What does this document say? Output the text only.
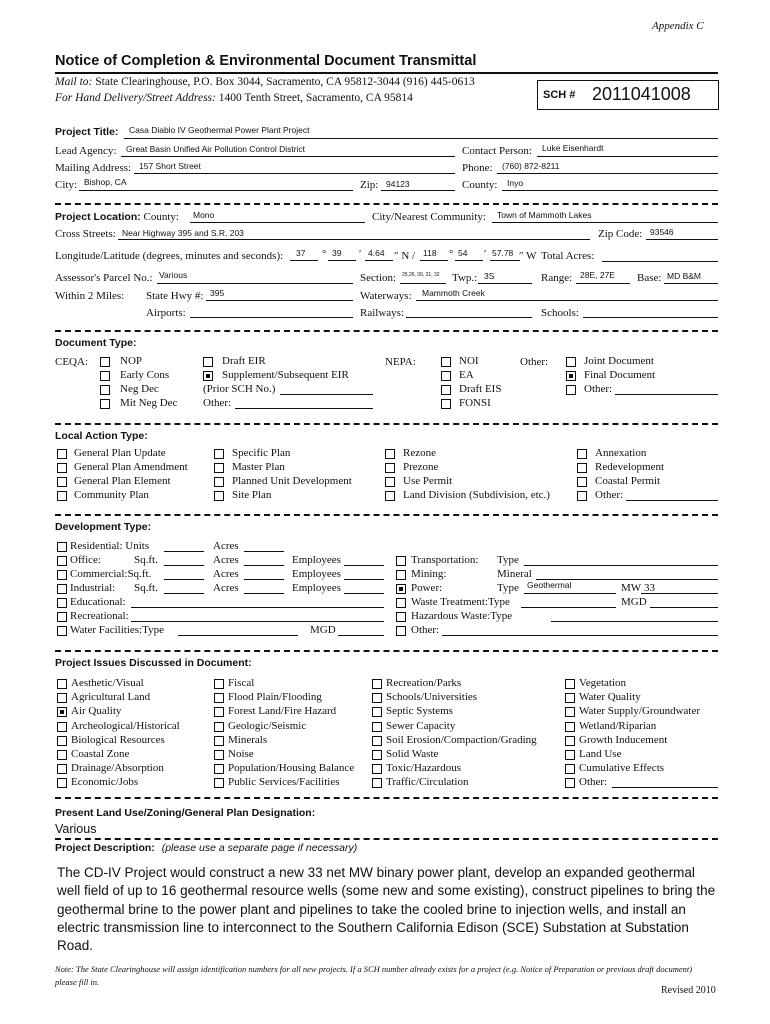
Appendix C
Notice of Completion & Environmental Document Transmittal
Mail to: State Clearinghouse, P.O. Box 3044, Sacramento, CA 95812-3044 (916) 445-0613
For Hand Delivery/Street Address: 1400 Tenth Street, Sacramento, CA 95814	SCH # 2011041008
Project Title: Casa Diablo IV Geothermal Power Plant Project
Lead Agency: Great Basin Unified Air Pollution Control District	Contact Person: Luke Eisenhardt
Mailing Address: 157 Short Street	Phone: (760) 872-8211
City: Bishop, CA	Zip: 94123	County: Inyo
Project Location: County: Mono	City/Nearest Community: Town of Mammoth Lakes
Cross Streets: Near Highway 395 and S.R. 203	Zip Code: 93546
Longitude/Latitude (degrees, minutes and seconds): 37 ° 39 ′ 4.64 ″ N / 118 ° 54 ′ 57.78 ″ W Total Acres:
Assessor's Parcel No.: Various	Section: 25,26, 30, 31, 32 Twp.: 3S	Range: 28E, 27E Base: MD B&M
Within 2 Miles: State Hwy #: 395	Waterways: Mammoth Creek
Airports:	Railways:	Schools:
Document Type:
CEQA:	NOP
Early Cons
Neg Dec
Mit Neg Dec
Draft EIR
Supplement/Subsequent EIR
(Prior SCH No.)
Other:
NEPA:	NOI
EA
Draft EIS
FONSI
Other:	Joint Document
Final Document
Other:
Local Action Type:
General Plan Update
General Plan Amendment
General Plan Element
Community Plan
Specific Plan
Master Plan
Planned Unit Development
Site Plan
Rezone
Prezone
Use Permit
Land Division (Subdivision, etc.)
Annexation
Redevelopment
Coastal Permit
Other:
Development Type:
Residential: Units	Acres
Office:	Sq.ft.	Acres	Employees
Commercial:Sq.ft.	Acres	Employees
Industrial: Sq.ft.	Acres	Employees
Educational:
Recreational:
Water Facilities:Type	MGD
Transportation: Type
Mining:	Mineral
Power:	Type Geothermal	MW 33
Waste Treatment:Type	MGD
Hazardous Waste:Type
Other:
Project Issues Discussed in Document:
Aesthetic/Visual
Agricultural Land
Air Quality
Archeological/Historical
Biological Resources
Coastal Zone
Drainage/Absorption
Economic/Jobs
Fiscal
Flood Plain/Flooding
Forest Land/Fire Hazard
Geologic/Seismic
Minerals
Noise
Population/Housing Balance
Public Services/Facilities
Recreation/Parks
Schools/Universities
Septic Systems
Sewer Capacity
Soil Erosion/Compaction/Grading
Solid Waste
Toxic/Hazardous
Traffic/Circulation
Vegetation
Water Quality
Water Supply/Groundwater
Wetland/Riparian
Growth Inducement
Land Use
Cumulative Effects
Other:
Present Land Use/Zoning/General Plan Designation:
Various
Project Description: (please use a separate page if necessary)
The CD-IV Project would construct a new 33 net MW binary power plant, develop an expanded geothermal well field of up to 16 geothermal resource wells (some new and some existing), construct pipelines to bring the geothermal brine to the power plant and pipelines to take the cooled brine to injection wells, and install an electric transmission line to interconnect to the Southern California Edison (SCE) Substation at Substation Road.
Note: The State Clearinghouse will assign identification numbers for all new projects. If a SCH number already exists for a project (e.g. Notice of Preparation or previous draft document) please fill in.
Revised 2010
